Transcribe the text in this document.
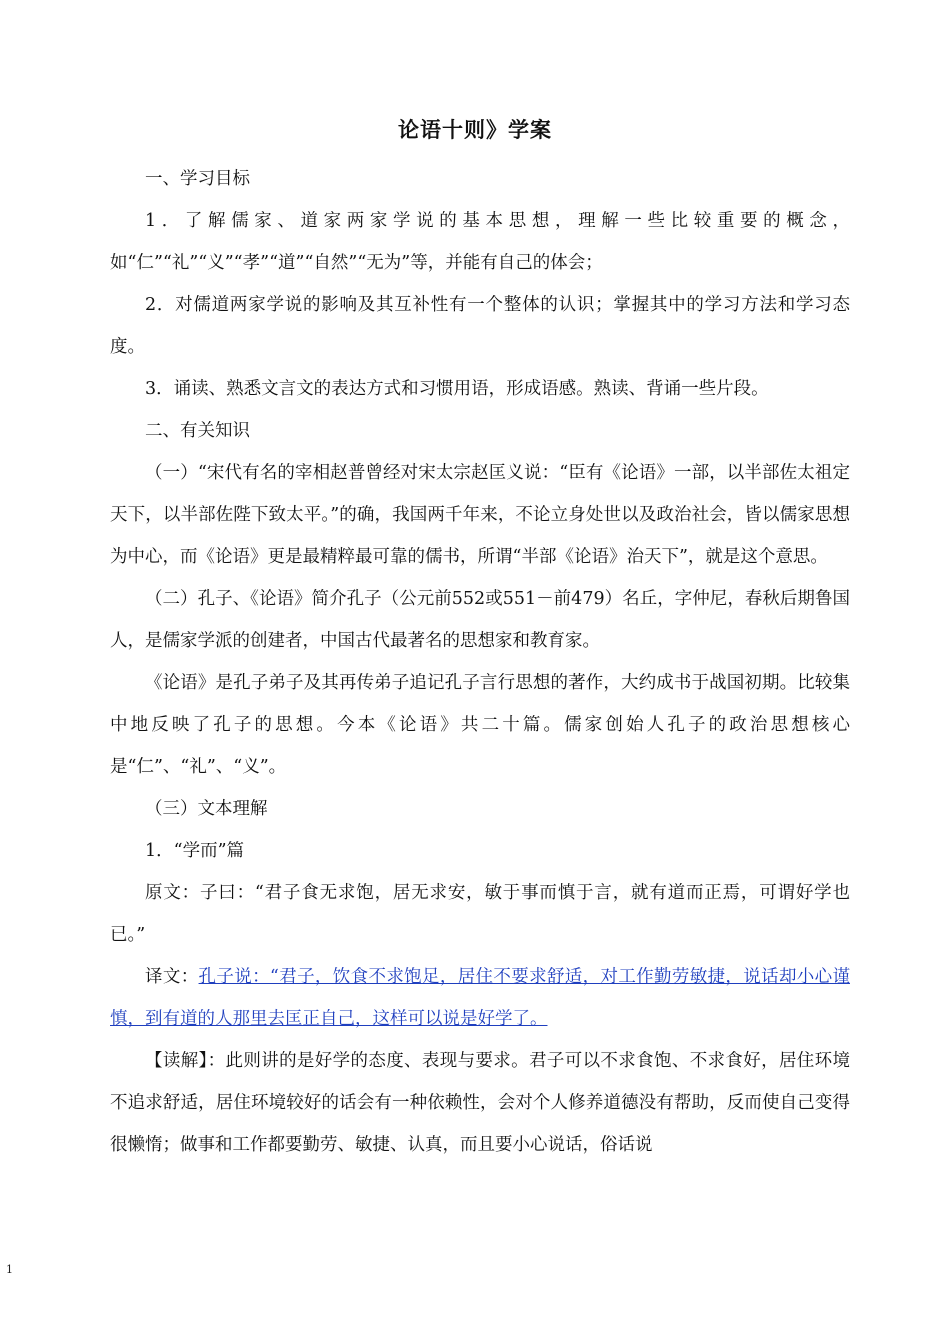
论语十则》学案

一、学习目标

1．了解儒家、道家两家学说的基本思想，理解一些比较重要的概念，如“仁”“礼”“义”“孝”“道”“自然”“无为”等，并能有自己的体会；

2．对儒道两家学说的影响及其互补性有一个整体的认识；掌握其中的学习方法和学习态度。

3．诵读、熟悉文言文的表达方式和习惯用语，形成语感。熟读、背诵一些片段。

二、有关知识

（一）“宋代有名的宰相赵普曾经对宋太宗赵匡义说：“臣有《论语》一部，以半部佐太祖定天下，以半部佐陛下致太平。”的确，我国两千年来，不论立身处世以及政治社会，皆以儒家思想为中心，而《论语》更是最精粹最可靠的儒书，所谓“半部《论语》治天下”，就是这个意思。

（二）孔子、《论语》简介孔子（公元前552或551－前479）名丘，字仲尼，春秋后期鲁国人，是儒家学派的创建者，中国古代最著名的思想家和教育家。

《论语》是孔子弟子及其再传弟子追记孔子言行思想的著作，大约成书于战国初期。比较集中地反映了孔子的思想。今本《论语》共二十篇。儒家创始人孔子的政治思想核心是“仁”、“礼”、“义”。

（三）文本理解

1．“学而”篇

原文：子曰：“君子食无求饱，居无求安，敏于事而慎于言，就有道而正焉，可谓好学也已。”

译文：孔子说：“君子，饮食不求饱足，居住不要求舒适，对工作勤劳敏捷，说话却小心谨慎，到有道的人那里去匡正自己，这样可以说是好学了。

【读解】：此则讲的是好学的态度、表现与要求。君子可以不求食饱、不求食好，居住环境不追求舒适，居住环境较好的话会有一种依赖性，会对个人修养道德没有帮助，反而使自己变得很懒惰；做事和工作都要勤劳、敏捷、认真，而且要小心说话，俗话说

1
